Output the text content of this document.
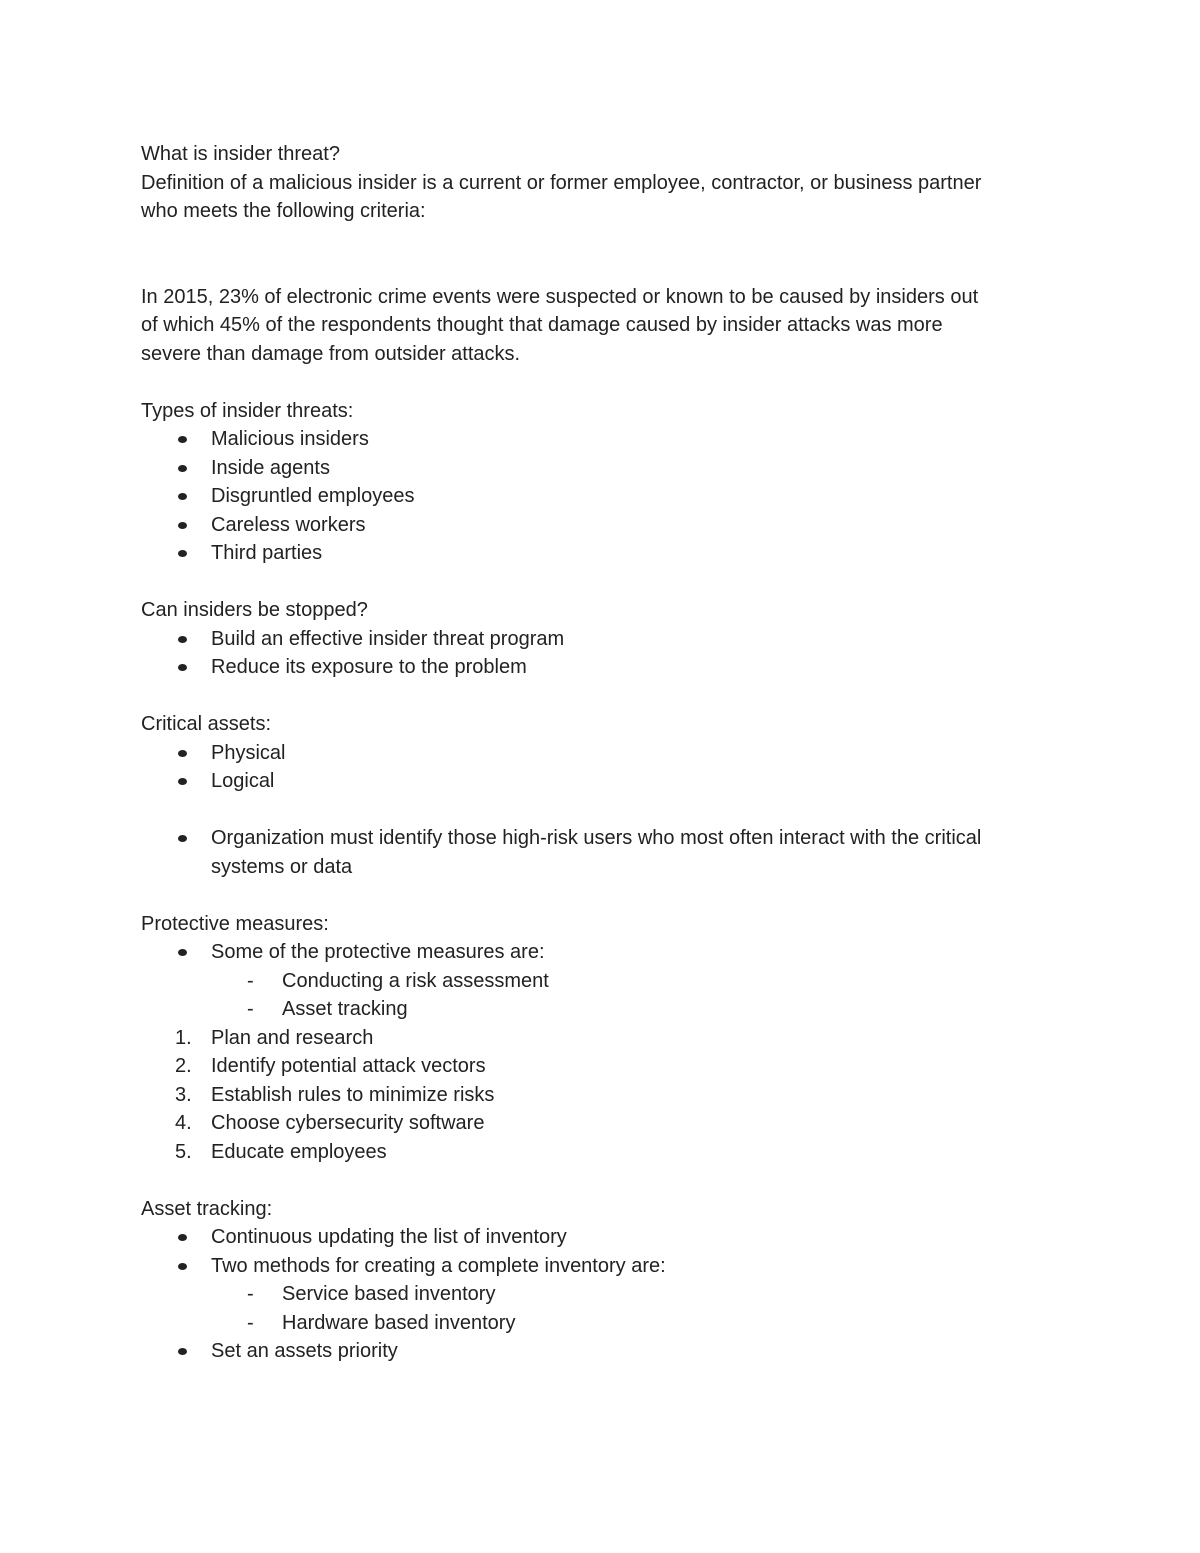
What is insider threat?

Definition of a malicious insider is a current or former employee, contractor, or business partner

who meets the following criteria:

In 2015, 23% of electronic crime events were suspected or known to be caused by insiders out

of which 45% of the respondents thought that damage caused by insider attacks was more

severe than damage from outsider attacks.

Types of insider threats:

Malicious insiders
Inside agents
Disgruntled employees
Careless workers
Third parties

Can insiders be stopped?

Build an effective insider threat program
Reduce its exposure to the problem

Critical assets:

Physical
Logical
Organization must identify those high-risk users who most often interact with the critical
systems or data

Protective measures:

Some of the protective measures are:
- Conducting a risk assessment
- Asset tracking
1. Plan and research
2. Identify potential attack vectors
3. Establish rules to minimize risks
4. Choose cybersecurity software
5. Educate employees

Asset tracking:

Continuous updating the list of inventory
Two methods for creating a complete inventory are:
- Service based inventory
- Hardware based inventory
Set an assets priority
